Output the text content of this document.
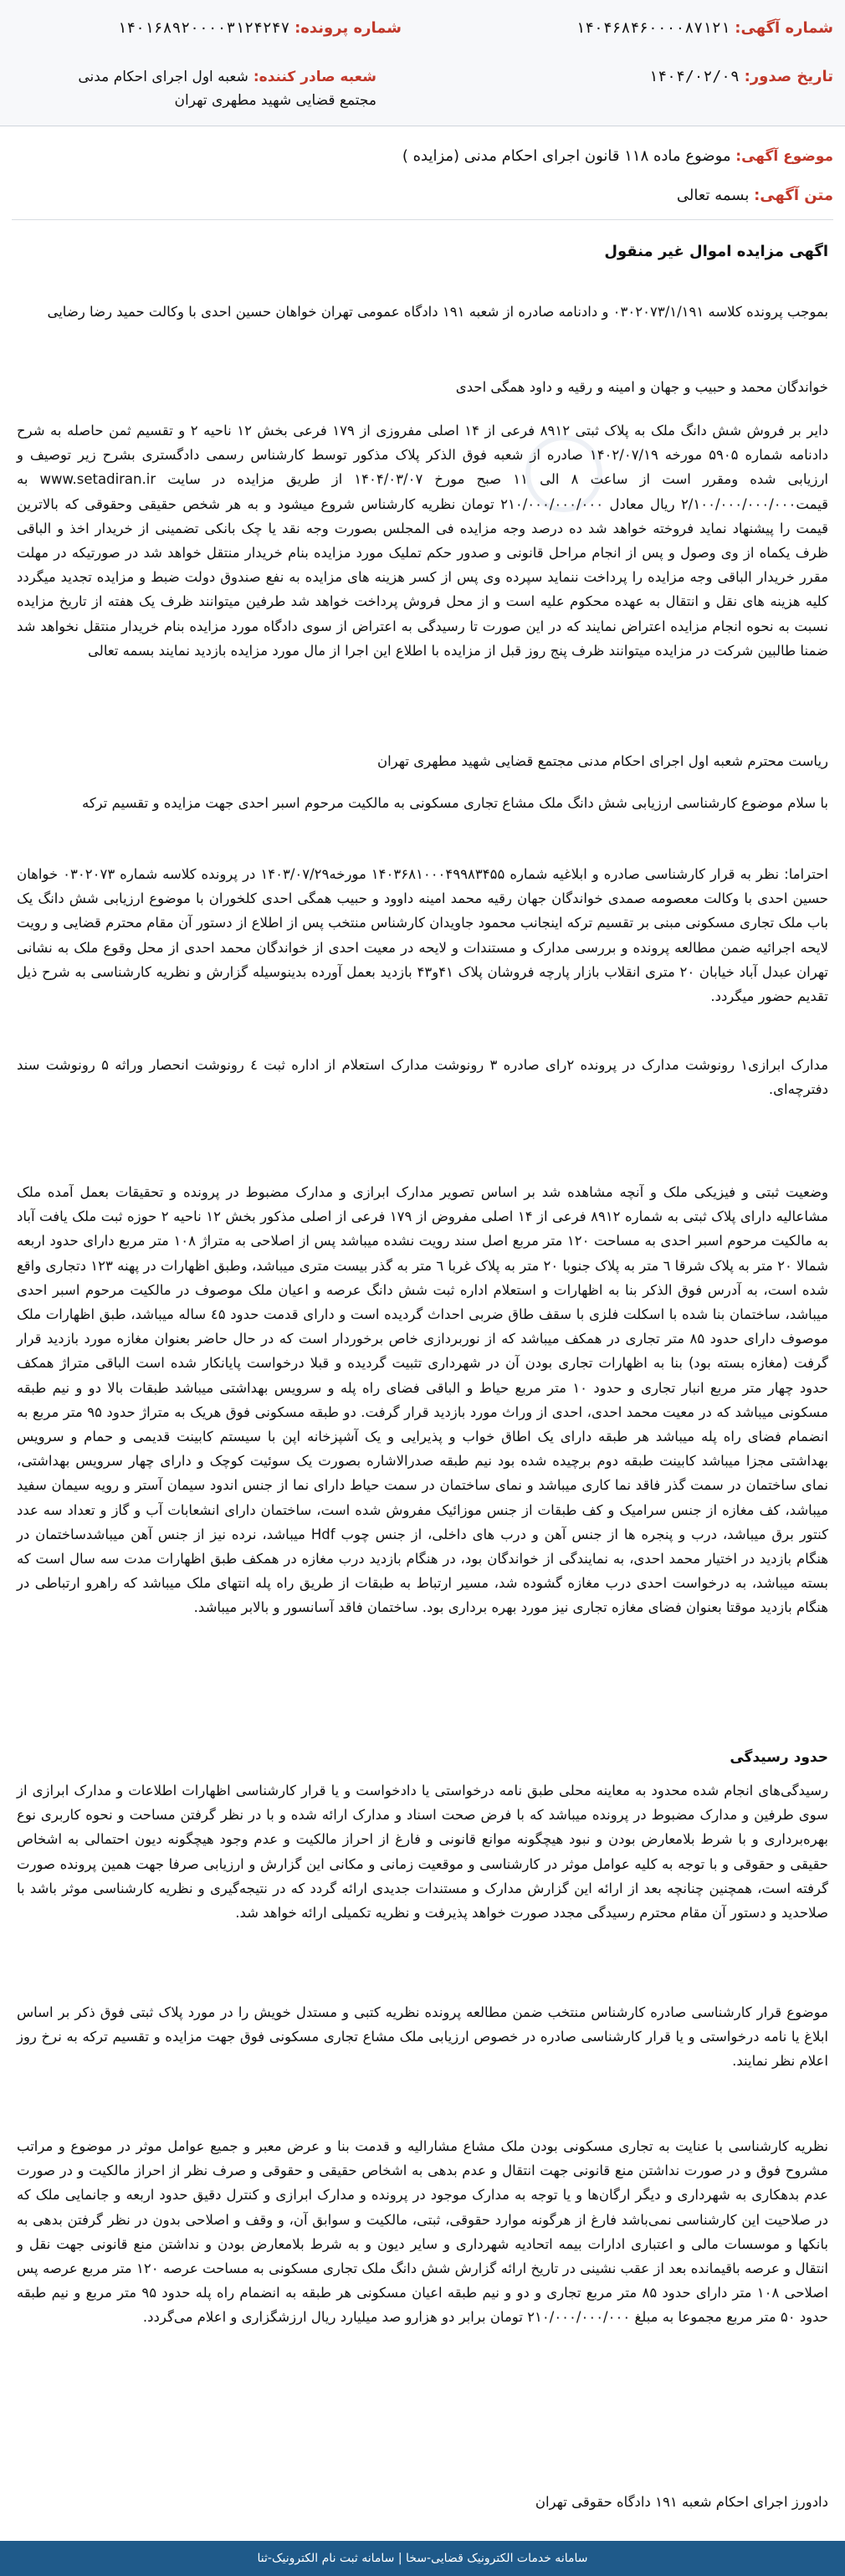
شماره آگهی: ۱۴۰۴۶۸۴۶۰۰۰۰۸۷۱۲۱
شماره پرونده: ۱۴۰۱۶۸۹۲۰۰۰۰۳۱۲۴۲۴۷
تاریخ صدور: ۱۴۰۴/۰۲/۰۹
شعبه صادر کننده:شعبه اول اجرای احکام مدنی مجتمع قضایی شهید مطهری تهران
موضوع آگهی: موضوع ماده ۱۱۸ قانون اجرای احکام مدنی (مزایده )
متن آگهی: بسمه تعالی
اگهی مزایده اموال غیر منقول
بموجب پرونده کلاسه ۰۳۰۲۰۷۳/۱/۱۹۱ و دادنامه صادره از شعبه ۱۹۱ دادگاه عمومی تهران خواهان حسین احدی با وکالت حمید رضا رضایی
خواندگان محمد و حبیب و جهان و امینه و رقیه و داود همگی احدی
دایر بر فروش شش دانگ ملک به پلاک ثبتی ۸۹۱۲ فرعی از ۱۴ اصلی مفروزی از ۱۷۹ فرعی بخش ۱۲ ناحیه ۲ و تقسیم ثمن حاصله به شرح دادنامه شماره ۵۹۰۵ مورخه ۱۴۰۲/۰۷/۱۹ صادره از شعبه فوق الذکر پلاک مذکور توسط کارشناس رسمی دادگستری بشرح زیر توصیف و ارزیابی شده ومقرر است از ساعت ۸ الی ۱۱ صبح مورخ ۱۴۰۴/۰۳/۰۷ از طریق مزایده در سایت www.setadiran.ir به قیمت۲/۱۰۰/۰۰۰/۰۰۰/۰۰۰ ریال معادل ۲۱۰/۰۰۰/۰۰۰/۰۰۰ تومان نظریه کارشناس شروع میشود و به هر شخص حقیقی وحقوقی که بالاترین قیمت را پیشنهاد نماید فروخته خواهد شد ده درصد وجه مزایده فی المجلس بصورت وجه نقد یا چک بانکی تضمینی از خریدار اخذ و الباقی ظرف یکماه از وی وصول و پس از انجام مراحل قانونی و صدور حکم تملیک مورد مزایده بنام خریدار منتقل خواهد شد در صورتیکه در مهلت مقرر خریدار الباقی وجه مزایده را پرداخت ننماید سپرده وی پس از کسر هزینه های مزایده به نفع صندوق دولت ضبط و مزایده تجدید میگردد کلیه هزینه های نقل و انتقال به عهده محکوم علیه است و از محل فروش پرداخت خواهد شد طرفین میتوانند ظرف یک هفته از تاریخ مزایده نسبت به نحوه انجام مزایده اعتراض نمایند که در این صورت تا رسیدگی به اعتراض از سوی دادگاه مورد مزایده بنام خریدار منتقل نخواهد شد ضمنا طالبین شرکت در مزایده میتوانند ظرف پنج روز قبل از مزایده با اطلاع این اجرا از مال مورد مزایده بازدید نمایند بسمه تعالی
ریاست محترم شعبه اول اجرای احکام مدنی مجتمع قضایی شهید مطهری تهران
با سلام موضوع کارشناسی ارزیابی شش دانگ ملک مشاع تجاری مسکونی به مالکیت مرحوم اسبر احدی جهت مزایده و تقسیم ترکه
احتراما: نظر به قرار کارشناسی صادره و ابلاغیه شماره ۱۴۰۳۶۸۱۰۰۰۴۹۹۸۳۴۵۵ مورخه۱۴۰۳/۰۷/۲۹ در پرونده کلاسه شماره ۰۳۰۲۰۷۳ خواهان حسین احدی با وکالت معصومه صمدی خواندگان جهان رقیه محمد امینه داوود و حبیب همگی احدی کلخوران با موضوع ارزیابی شش دانگ یک باب ملک تجاری مسکونی مبنی بر تقسیم ترکه اینجانب محمود جاویدان کارشناس منتخب پس از اطلاع از دستور آن مقام محترم قضایی و رویت لایحه اجرائیه ضمن مطالعه پرونده و بررسی مدارک و مستندات و لایحه در معیت احدی از خواندگان محمد احدی از محل وقوع ملک به نشانی تهران عبدل آباد خیابان ۲۰ متری انقلاب بازار پارچه فروشان پلاک ۴۱و۴۳ بازدید بعمل آورده بدینوسیله گزارش و نظریه کارشناسی به شرح ذیل تقدیم حضور میگردد.
مدارک ابرازی۱ رونوشت مدارک در پرونده ۲رای صادره ۳ رونوشت مدارک استعلام از اداره ثبت ٤ رونوشت انحصار وراثه ۵ رونوشت سند دفترچه‌ای.
وضعیت ثبتی و فیزیکی ملک و آنچه مشاهده شد بر اساس تصویر مدارک ابرازی و مدارک مضبوط در پرونده و تحقیقات بعمل آمده ملک مشاعالیه دارای پلاک ثبتی به شماره ۸۹۱۲ فرعی از ۱۴ اصلی مفروض از ۱۷۹ فرعی از اصلی مذکور بخش ۱۲ ناحیه ۲ حوزه ثبت ملک یافت آباد به مالکیت مرحوم اسبر احدی به مساحت ۱۲۰ متر مربع اصل سند رویت نشده میباشد پس از اصلاحی به متراژ ۱۰۸ متر مربع دارای حدود اربعه شمالا ۲۰ متر به پلاک شرقا ٦ متر به پلاک جنوبا ۲۰ متر به پلاک غربا ٦ متر به گذر بیست متری میباشد، وطبق اظهارات در پهنه ۱۲۳ دتجاری واقع شده است، به آدرس فوق الذکر بنا به اظهارات و استعلام اداره ثبت شش دانگ عرصه و اعیان ملک موصوف در مالکیت مرحوم اسبر احدی میباشد، ساختمان بنا شده با اسکلت فلزی با سقف طاق ضربی احداث گردیده است و دارای قدمت حدود ٤۵ ساله میباشد، طبق اظهارات ملک موصوف دارای حدود ۸۵ متر تجاری در همکف میباشد که از نوربردازی خاص برخوردار است که در حال حاضر بعنوان مغازه مورد بازدید قرار گرفت (مغازه بسته بود) بنا به اظهارات تجاری بودن آن در شهرداری تثبیت گردیده و قبلا درخواست پایانکار شده است الباقی متراژ همکف حدود چهار متر مربع انبار تجاری و حدود ۱۰ متر مربع حیاط و الباقی فضای راه پله و سرویس بهداشتی میباشد طبقات بالا دو و نیم طبقه مسکونی میباشد که در معیت محمد احدی، احدی از وراث مورد بازدید قرار گرفت. دو طبقه مسکونی فوق هریک به متراژ حدود ۹۵ متر مربع به انضمام فضای راه پله میباشد هر طبقه دارای یک اطاق خواب و پذیرایی و یک آشپزخانه اپن با سیستم کابینت قدیمی و حمام و سرویس بهداشتی مجزا میباشد کابینت طبقه دوم برچیده شده بود نیم طبقه صدرالاشاره بصورت یک سوئیت کوچک و دارای چهار سرویس بهداشتی، نمای ساختمان در سمت گذر فاقد نما کاری میباشد و نمای ساختمان در سمت حیاط دارای نما از جنس اندود سیمان آستر و رویه سیمان سفید میباشد، کف مغازه از جنس سرامیک و کف طبقات از جنس موزائیک مفروش شده است، ساختمان دارای انشعابات آب و گاز و تعداد سه عدد کنتور برق میباشد، درب و پنجره ها از جنس آهن و درب های داخلی، از جنس چوب Hdf میباشد، نرده نیز از جنس آهن میباشدساختمان در هنگام بازدید در اختیار محمد احدی، به نمایندگی از خواندگان بود، در هنگام بازدید درب مغازه در همکف طبق اظهارات مدت سه سال است که بسته میباشد، به درخواست احدی درب مغازه گشوده شد، مسیر ارتباط به طبقات از طریق راه پله انتهای ملک میباشد که راهرو ارتباطی در هنگام بازدید موقتا بعنوان فضای مغازه تجاری نیز مورد بهره برداری بود. ساختمان فاقد آسانسور و بالابر میباشد.
حدود رسیدگی
رسیدگی‌های انجام شده محدود به معاینه محلی طبق نامه درخواستی یا دادخواست و یا قرار کارشناسی اظهارات اطلاعات و مدارک ابرازی از سوی طرفین و مدارک مضبوط در پرونده میباشد که با فرض صحت اسناد و مدارک ارائه شده و با در نظر گرفتن مساحت و نحوه کاربری نوع بهره‌برداری و با شرط بلامعارض بودن و نبود هیچگونه موانع قانونی و فارغ از احراز مالکیت و عدم وجود هیچگونه دیون احتمالی به اشخاص حقیقی و حقوقی و با توجه به کلیه عوامل موثر در کارشناسی و موقعیت زمانی و مکانی این گزارش و ارزیابی صرفا جهت همین پرونده صورت گرفته است، همچنین چنانچه بعد از ارائه این گزارش مدارک و مستندات جدیدی ارائه گردد که در نتیجه‌گیری و نظریه کارشناسی موثر باشد با صلاحدید و دستور آن مقام محترم رسیدگی مجدد صورت خواهد پذیرفت و نظریه تکمیلی ارائه خواهد شد.
موضوع قرار کارشناسی صادره کارشناس منتخب ضمن مطالعه پرونده نظریه کتبی و مستدل خویش را در مورد پلاک ثبتی فوق ذکر بر اساس ابلاغ یا نامه درخواستی و یا قرار کارشناسی صادره در خصوص ارزیابی ملک مشاع تجاری مسکونی فوق جهت مزایده و تقسیم ترکه به نرخ روز اعلام نظر نمایند.
نظریه کارشناسی با عنایت به تجاری مسکونی بودن ملک مشاع مشارالیه و قدمت بنا و عرض معبر و جمیع عوامل موثر در موضوع و مراتب مشروح فوق و در صورت نداشتن منع قانونی جهت انتقال و عدم بدهی به اشخاص حقیقی و حقوقی و صرف نظر از احراز مالکیت و در صورت عدم بدهکاری به شهرداری و دیگر ارگان‌ها و یا توجه به مدارک موجود در پرونده و مدارک ابرازی و کنترل دقیق حدود اربعه و جانمایی ملک که در صلاحیت این کارشناسی نمی‌باشد فارغ از هرگونه موارد حقوقی، ثبتی، مالکیت و سوابق آن، و وقف و اصلاحی بدون در نظر گرفتن بدهی به بانکها و موسسات مالی و اعتباری ادارات بیمه اتحادیه شهرداری و سایر دیون و به شرط بلامعارض بودن و نداشتن منع قانونی جهت نقل و انتقال و عرصه باقیمانده بعد از عقب نشینی در تاریخ ارائه گزارش شش دانگ ملک تجاری مسکونی به مساحت عرصه ۱۲۰ متر مربع عرصه پس اصلاحی ۱۰۸ متر دارای حدود ۸۵ متر مربع تجاری و دو و نیم طبقه اعیان مسکونی هر طبقه به انضمام راه پله حدود ۹۵ متر مربع و نیم طبقه حدود ۵۰ متر مربع مجموعا به مبلغ ۲۱۰/۰۰۰/۰۰۰/۰۰۰ تومان برابر دو هزارو صد میلیارد ریال ارزشگزاری و اعلام می‌گردد.
دادورز اجرای احکام شعبه ۱۹۱ دادگاه حقوقی تهران
سامانه خدمات الکترونیک قضایی-سخا | سامانه ثبت نام الکترونیک-ثنا
